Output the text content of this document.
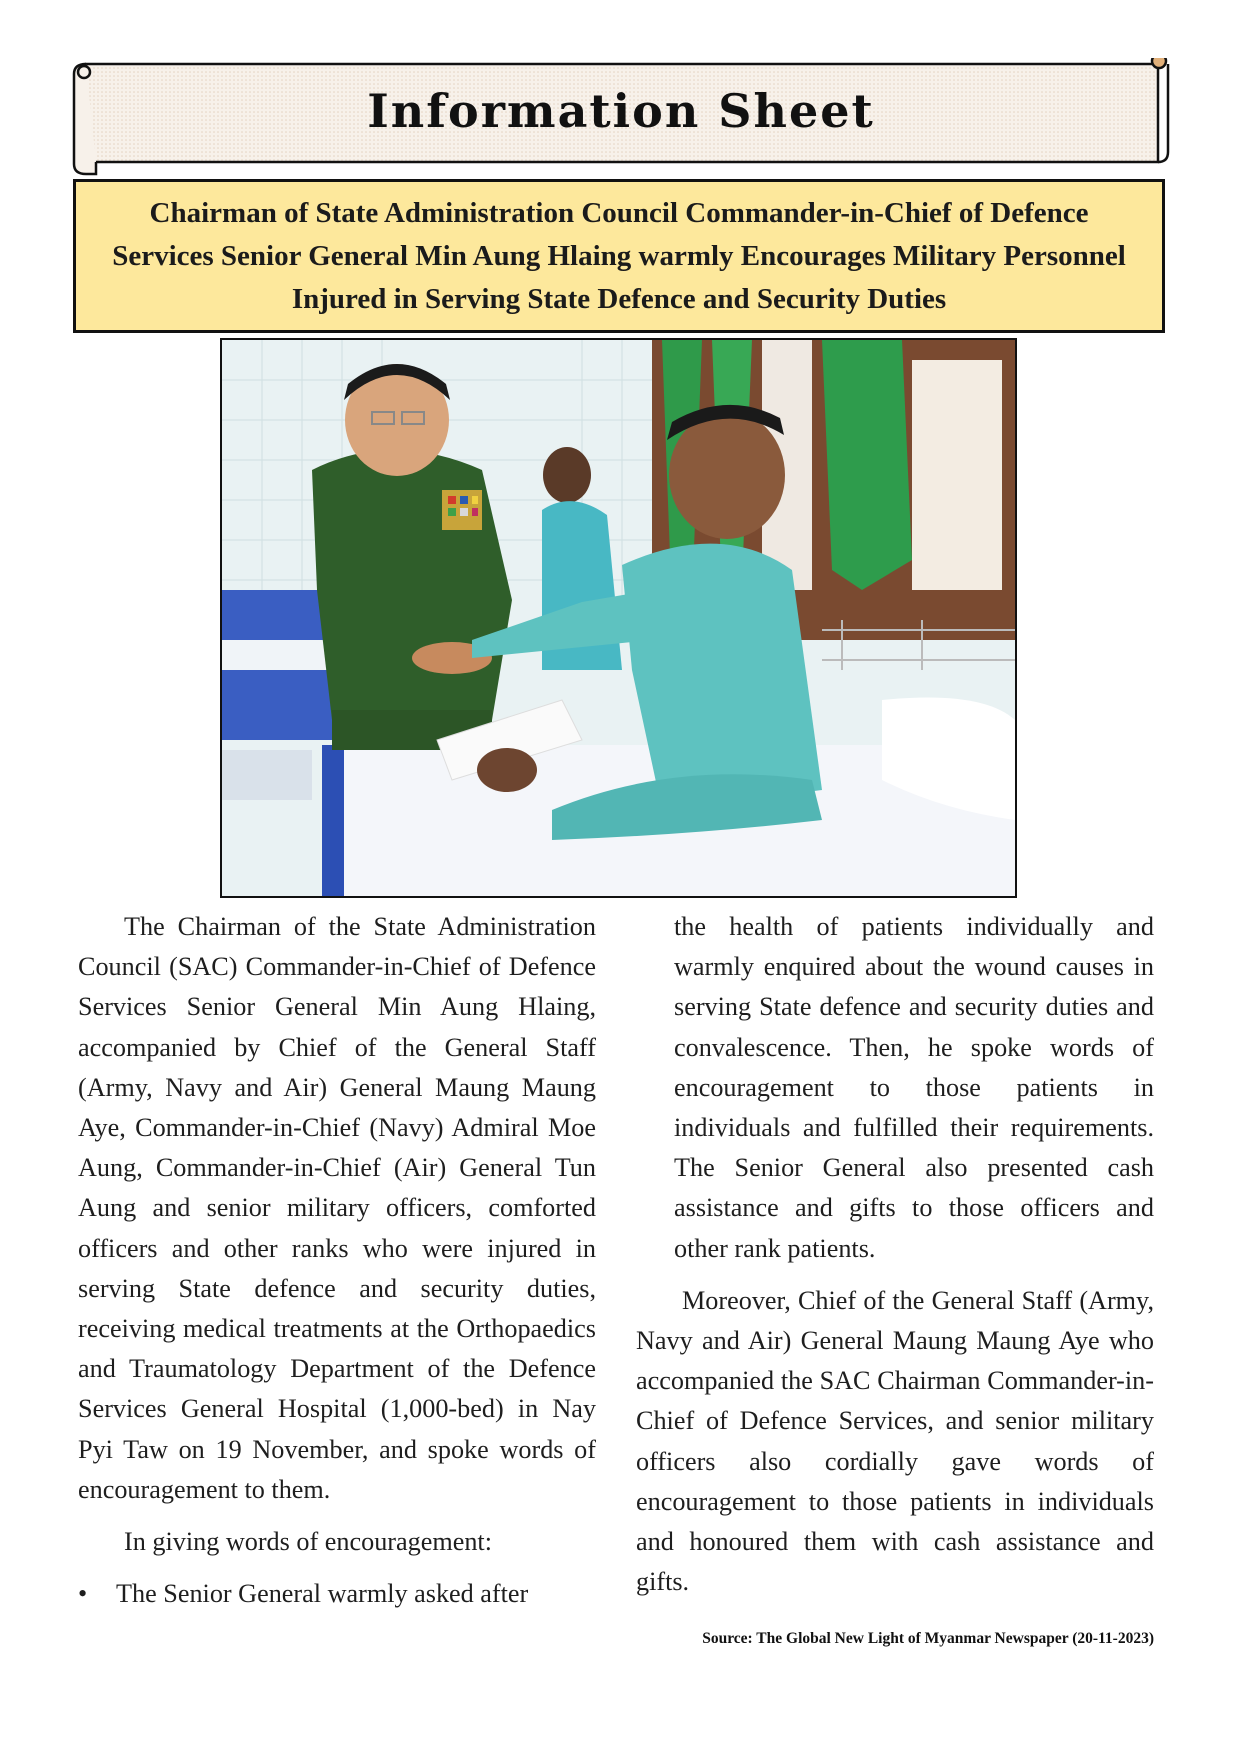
Information Sheet
Chairman of State Administration Council Commander-in-Chief of Defence Services Senior General Min Aung Hlaing warmly Encourages Military Personnel Injured in Serving State Defence and Security Duties

The Chairman of the State Administration Council (SAC) Commander-in-Chief of Defence Services Senior General Min Aung Hlaing, accompanied by Chief of the General Staff (Army, Navy and Air) General Maung Maung Aye, Commander-in-Chief (Navy) Admiral Moe Aung, Commander-in-Chief (Air) General Tun Aung and senior military officers, comforted officers and other ranks who were injured in serving State defence and security duties, receiving medical treatments at the Orthopaedics and Traumatology Department of the Defence Services General Hospital (1,000-bed) in Nay Pyi Taw on 19 November, and spoke words of encouragement to them.

In giving words of encouragement:

• The Senior General warmly asked after

the health of patients individually and warmly enquired about the wound causes in serving State defence and security duties and convalescence. Then, he spoke words of encouragement to those patients in individuals and fulfilled their requirements. The Senior General also presented cash assistance and gifts to those officers and other rank patients.

Moreover, Chief of the General Staff (Army, Navy and Air) General Maung Maung Aye who accompanied the SAC Chairman Commander-in-Chief of Defence Services, and senior military officers also cordially gave words of encouragement to those patients in individuals and honoured them with cash assistance and gifts.

Source: The Global New Light of Myanmar Newspaper (20-11-2023)
